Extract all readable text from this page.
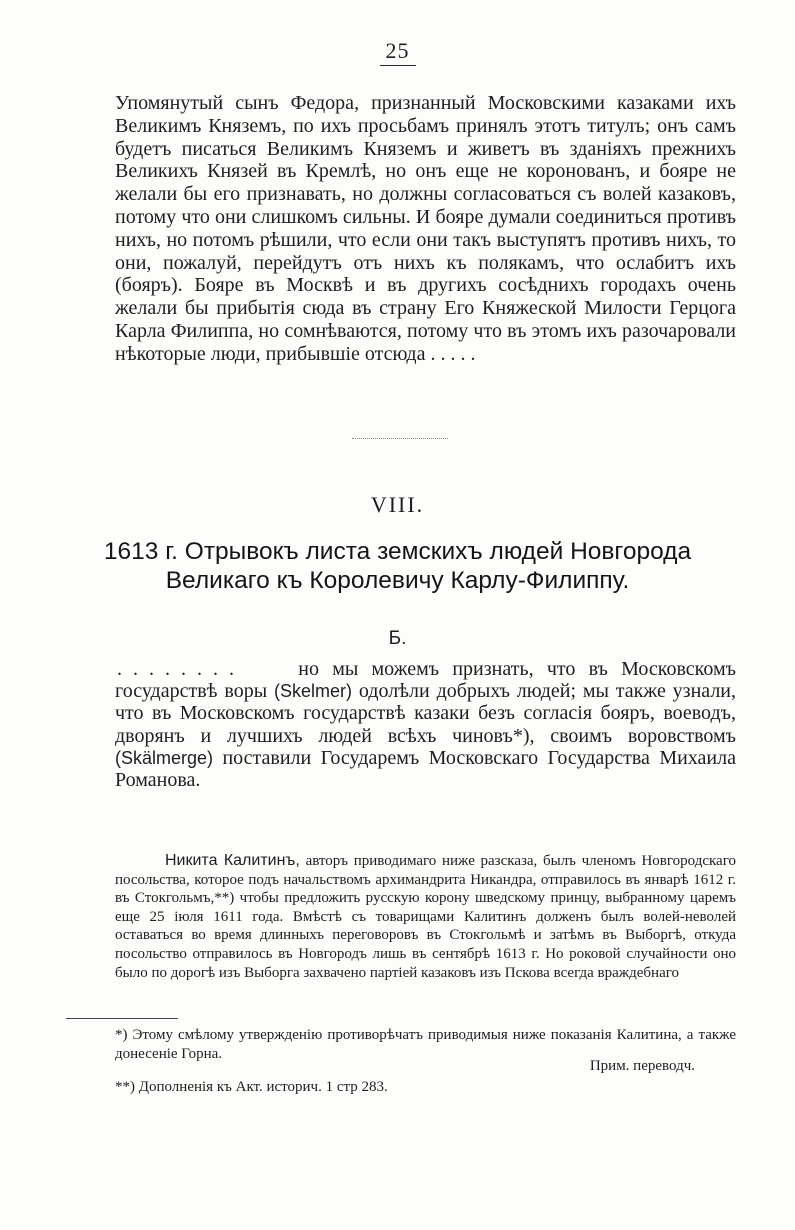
25

Упомянутый сынъ Федора, признанный Московскими казаками ихъ Великимъ Княземъ, по ихъ просьбамъ принялъ этотъ титулъ; онъ самъ будетъ писаться Великимъ Княземъ и живетъ въ зданiяхъ прежнихъ Великихъ Князей въ Кремлѣ, но онъ еще не коронованъ, и бояре не желали бы его признавать, но должны согласоваться съ волей казаковъ, потому что они слишкомъ сильны. И бояре думали соединиться противъ нихъ, но потомъ рѣшили, что если они такъ выступятъ противъ нихъ, то они, пожалуй, перейдутъ отъ нихъ къ полякамъ, что ослабитъ ихъ (бояръ). Бояре въ Москвѣ и въ другихъ сосѣднихъ городахъ очень желали бы прибытiя сюда въ страну Его Княжеской Милости Герцога Карла Филиппа, но сомнѣваются, потому что въ этомъ ихъ разочаровали нѣкоторые люди, прибывшiе отсюда . . . . .

VIII.
1613 г. Отрывокъ листа земскихъ людей Новгорода
Великаго къ Королевичу Карлу-Филиппу.
Б.

. . . . . . . .	но мы можемъ признать, что въ Московскомъ государствѣ воры (Skelmer) одолѣли добрыхъ людей; мы также узнали, что въ Московскомъ государствѣ казаки безъ согласiя бояръ, воеводъ, дворянъ и лучшихъ людей всѣхъ чиновъ*), своимъ воровствомъ (Skälmerge) поставили Государемъ Московскаго Государства Михаила Романова.

Никита Калитинъ, авторъ приводимаго ниже разсказа, былъ членомъ Новгородскаго посольства, которое подъ начальствомъ архимандрита Никандра, отправилось въ январѣ 1612 г. въ Стокгольмъ,**) чтобы предложить русскую корону шведскому принцу, выбранному царемъ еще 25 iюля 1611 года. Вмѣстѣ съ товарищами Калитинъ долженъ былъ волей-неволей оставаться во время длинныхъ переговоровъ въ Стокгольмѣ и затѣмъ въ Выборгѣ, откуда посольство отправилось въ Новгородъ лишь въ сентябрѣ 1613 г. Но роковой случайности оно было по дорогѣ изъ Выборга захвачено партiей казаковъ изъ Пскова всегда враждебнаго

*) Этому смѣлому утвержденiю противорѣчатъ приводимыя ниже показанiя Калитина, а также донесенiе Горна.

Прим. переводч.

**) Дополненiя къ Акт. историч. 1 стр 283.
